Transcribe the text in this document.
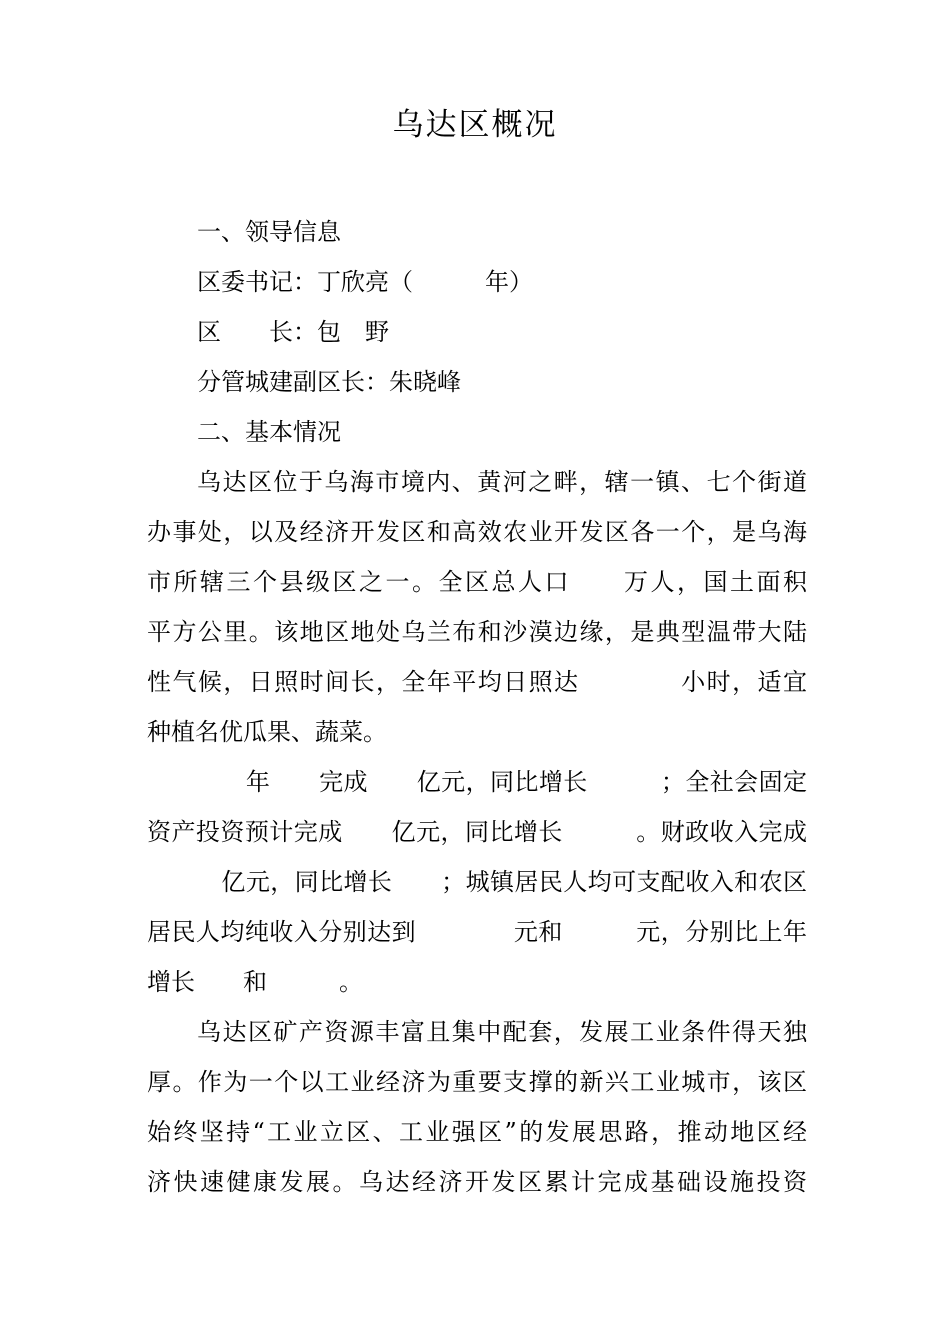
乌达区概况
一、领导信息
区委书记：丁欣亮（　　　年）
区　　长：包　野
分管城建副区长：朱晓峰
二、基本情况
乌达区位于乌海市境内、黄河之畔，辖一镇、七个街道
办事处，以及经济开发区和高效农业开发区各一个，是乌海
市所辖三个县级区之一。全区总人口　　万人，国土面积
平方公里。该地区地处乌兰布和沙漠边缘，是典型温带大陆
性气候，日照时间长，全年平均日照达　　　　小时，适宜
种植名优瓜果、蔬菜。
　　年　　完成　　亿元，同比增长　　　；全社会固定
资产投资预计完成　　亿元，同比增长　　　。财政收入完成
　亿元，同比增长　　；城镇居民人均可支配收入和农区
居民人均纯收入分别达到　　　　元和　　　元，分别比上年
增长　　和　　　。
乌达区矿产资源丰富且集中配套，发展工业条件得天独
厚。作为一个以工业经济为重要支撑的新兴工业城市，该区
始终坚持“工业立区、工业强区”的发展思路，推动地区经
济快速健康发展。乌达经济开发区累计完成基础设施投资
